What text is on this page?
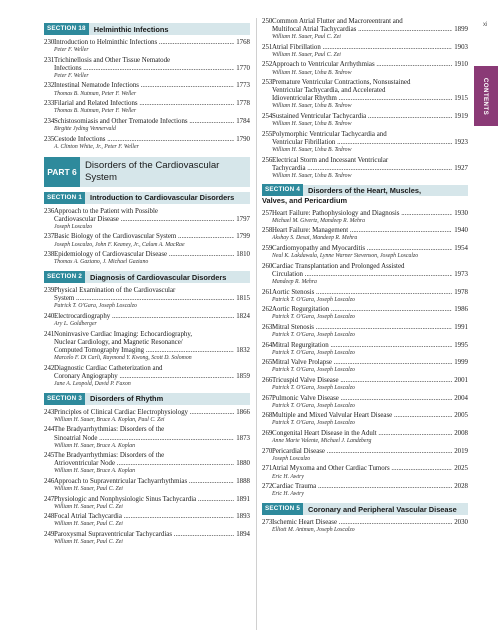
SECTION 18	Helminthic Infections
230 Introduction to Helminthic Infections .....	1768
Peter F. Weller
231 Trichinellosis and Other Tissue Nematode
Infections .....	1770
Peter F. Weller
232 Intestinal Nematode Infections .....	1773
Thomas B. Nutman, Peter F. Weller
233 Filarial and Related Infections .....	1778
Thomas B. Nutman, Peter F. Weller
234 Schistosomiasis and Other Trematode Infections .....	1784
Birgitte Jyding Vennervald
235 Cestode Infections .....	1790
A. Clinton White, Jr., Peter F. Weller
PART 6
Disorders of the Cardiovascular System
SECTION 1	Introduction to Cardiovascular Disorders
236 Approach to the Patient with Possible
Cardiovascular Disease .....	1797
Joseph Loscalzo
237 Basic Biology of the Cardiovascular System .....	1799
Joseph Loscalzo, John F. Keaney, Jr., Calum A. MacRae
238 Epidemiology of Cardiovascular Disease .....	1810
Thomas A. Gaziano, J. Michael Gaziano
SECTION 2	Diagnosis of Cardiovascular Disorders
239 Physical Examination of the Cardiovascular
System .....	1815
Patrick T. O'Gara, Joseph Loscalzo
240 Electrocardiography .....	1824
Ary L. Goldberger
241 Noninvasive Cardiac Imaging: Echocardiography,
Nuclear Cardiology, and Magnetic Resonance/
Computed Tomography Imaging .....	1832
Marcelo F. Di Carli, Raymond Y. Kwong, Scott D. Solomon
242 Diagnostic Cardiac Catheterization and
Coronary Angiography .....	1859
Jane A. Leopold, David P. Faxon
SECTION 3	Disorders of Rhythm
243 Principles of Clinical Cardiac Electrophysiology .....	1866
William H. Sauer, Bruce A. Koplan, Paul C. Zei
244 The Bradyarrhythmias: Disorders of the
Sinoatrial Node .....	1873
William H. Sauer, Bruce A. Koplan
245 The Bradyarrhythmias: Disorders of the
Atrioventricular Node .....	1880
William H. Sauer, Bruce A. Koplan
246 Approach to Supraventricular Tachyarrhythmias .....	1888
William H. Sauer, Paul C. Zei
247 Physiologic and Nonphysiologic Sinus Tachycardia .....	1891
William H. Sauer, Paul C. Zei
248 Focal Atrial Tachycardia .....	1893
William H. Sauer, Paul C. Zei
249 Paroxysmal Supraventricular Tachycardias .....	1894
William H. Sauer, Paul C. Zei
250 Common Atrial Flutter and Macroreentrant and
Multifocal Atrial Tachycardias .....	1899
William H. Sauer, Paul C. Zei
251 Atrial Fibrillation .....	1903
William H. Sauer, Paul C. Zei
252 Approach to Ventricular Arrhythmias .....	1910
William H. Sauer, Usha B. Tedrow
253 Premature Ventricular Contractions, Nonsustained
Ventricular Tachycardia, and Accelerated
Idioventricular Rhythm .....	1915
William H. Sauer, Usha B. Tedrow
254 Sustained Ventricular Tachycardia .....	1919
William H. Sauer, Usha B. Tedrow
255 Polymorphic Ventricular Tachycardia and
Ventricular Fibrillation .....	1923
William H. Sauer, Usha B. Tedrow
256 Electrical Storm and Incessant Ventricular
Tachycardia .....	1927
William H. Sauer, Usha B. Tedrow
SECTION 4	Disorders of the Heart, Muscles,
Valves, and Pericardium
257 Heart Failure: Pathophysiology and Diagnosis .....	1930
Michael M. Givertz, Mandeep R. Mehra
258 Heart Failure: Management .....	1940
Akshay S. Desai, Mandeep R. Mehra
259 Cardiomyopathy and Myocarditis .....	1954
Neal K. Lakdawala, Lynne Warner Stevenson, Joseph Loscalzo
260 Cardiac Transplantation and Prolonged Assisted
Circulation .....	1973
Mandeep R. Mehra
261 Aortic Stenosis .....	1978
Patrick T. O'Gara, Joseph Loscalzo
262 Aortic Regurgitation .....	1986
Patrick T. O'Gara, Joseph Loscalzo
263 Mitral Stenosis .....	1991
Patrick T. O'Gara, Joseph Loscalzo
264 Mitral Regurgitation .....	1995
Patrick T. O'Gara, Joseph Loscalzo
265 Mitral Valve Prolapse .....	1999
Patrick T. O'Gara, Joseph Loscalzo
266 Tricuspid Valve Disease .....	2001
Patrick T. O'Gara, Joseph Loscalzo
267 Pulmonic Valve Disease .....	2004
Patrick T. O'Gara, Joseph Loscalzo
268 Multiple and Mixed Valvular Heart Disease .....	2005
Patrick T. O'Gara, Joseph Loscalzo
269 Congenital Heart Disease in the Adult .....	2008
Anne Marie Valente, Michael J. Landzberg
270 Pericardial Disease .....	2019
Joseph Loscalzo
271 Atrial Myxoma and Other Cardiac Tumors .....	2025
Eric H. Awtry
272 Cardiac Trauma .....	2028
Eric H. Awtry
SECTION 5	Coronary and Peripheral Vascular Disease
273 Ischemic Heart Disease .....	2030
Elliott M. Antman, Joseph Loscalzo
xi
CONTENTS
